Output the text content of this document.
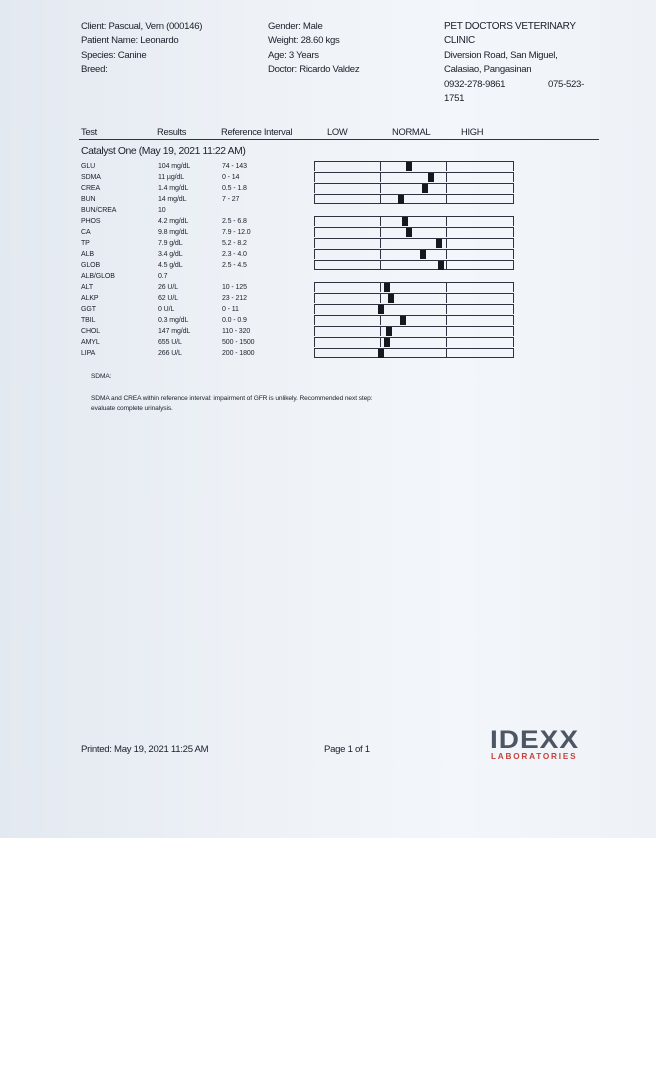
Client: Pascual, Vern (000146)
Patient Name: Leonardo
Species: Canine
Breed:
Gender: Male
Weight: 28.60 kgs
Age: 3 Years
Doctor: Ricardo Valdez
PET DOCTORS VETERINARY
CLINIC
Diversion Road, San Miguel,
Calasiao, Pangasinan
0932-278-9861	075-523-
1751
Test	Results	Reference Interval	LOW	NORMAL	HIGH
Catalyst One (May 19, 2021 11:22 AM)
GLU	104 mg/dL	74 - 143
SDMA	11 µg/dL	0 - 14
CREA	1.4 mg/dL	0.5 - 1.8
BUN	14 mg/dL	7 - 27
BUN/CREA	10
PHOS	4.2 mg/dL	2.5 - 6.8
CA	9.8 mg/dL	7.9 - 12.0
TP	7.9 g/dL	5.2 - 8.2
ALB	3.4 g/dL	2.3 - 4.0
GLOB	4.5 g/dL	2.5 - 4.5
ALB/GLOB	0.7
ALT	26 U/L	10 - 125
ALKP	62 U/L	23 - 212
GGT	0 U/L	0 - 11
TBIL	0.3 mg/dL	0.0 - 0.9
CHOL	147 mg/dL	110 - 320
AMYL	655 U/L	500 - 1500
LIPA	266 U/L	200 - 1800
SDMA:
SDMA and CREA within reference interval: impairment of GFR is unlikely. Recommended next step:
evaluate complete urinalysis.
Printed: May 19, 2021 11:25 AM	Page 1 of 1	IDEXX
LABORATORIES
